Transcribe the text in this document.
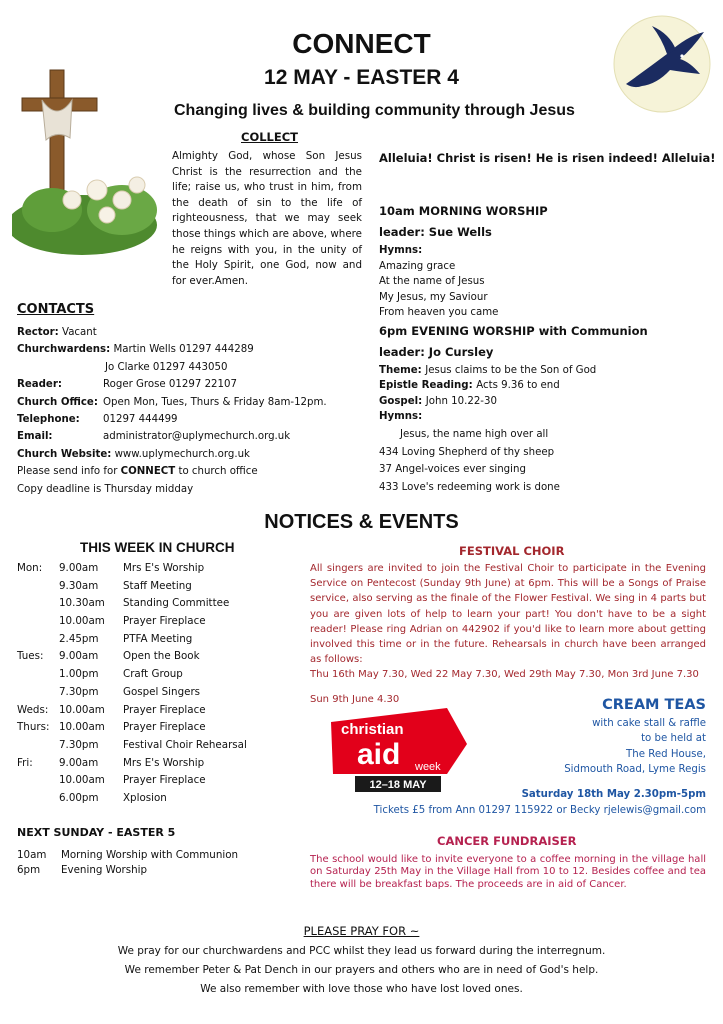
CONNECT
12 MAY - EASTER 4
Changing lives & building community through Jesus
COLLECT
Almighty God, whose Son Jesus Christ is the resurrection and the life; raise us, who trust in him, from the death of sin to the life of righteousness, that we may seek those things which are above, where he reigns with you, in the unity of the Holy Spirit, one God, now and for ever.Amen.
CONTACTS
Rector: Vacant
Churchwardens: Martin Wells 01297 444289
Jo Clarke 01297 443050
Reader:	Roger Grose 01297 22107
Church Office: Open Mon, Tues, Thurs & Friday 8am-12pm.
Telephone: 01297 444499
Email:	administrator@uplymechurch.org.uk
Church Website: www.uplymechurch.org.uk
Please send info for CONNECT to church office
Copy deadline is Thursday midday
Alleluia! Christ is risen! He is risen indeed! Alleluia!
10am MORNING WORSHIP
leader: Sue Wells
Hymns:
Amazing grace
At the name of Jesus
My Jesus, my Saviour
From heaven you came
6pm EVENING WORSHIP with Communion
leader: Jo Cursley
Theme: Jesus claims to be the Son of God
Epistle Reading: Acts 9.36 to end
Gospel: John 10.22-30
Hymns:
Jesus, the name high over all
434 Loving Shepherd of thy sheep
37 Angel-voices ever singing
433 Love's redeeming work is done
NOTICES & EVENTS
THIS WEEK IN CHURCH
Mon: 9.00am Mrs E's Worship
9.30am Staff Meeting
10.30am Standing Committee
10.00am Prayer Fireplace
2.45pm PTFA Meeting
Tues: 9.00am Open the Book
1.00pm Craft Group
7.30pm Gospel Singers
Weds: 10.00am Prayer Fireplace
Thurs: 10.00am Prayer Fireplace
7.30pm Festival Choir Rehearsal
Fri:	9.00am Mrs E's Worship
10.00am Prayer Fireplace
6.00pm Xplosion
NEXT SUNDAY - EASTER 5
10am Morning Worship with Communion
6pm Evening Worship
FESTIVAL CHOIR
All singers are invited to join the Festival Choir to participate in the Evening Service on Pentecost (Sunday 9th June) at 6pm. This will be a Songs of Praise service, also serving as the finale of the Flower Festival. We sing in 4 parts but you are given lots of help to learn your part! You don't have to be a sight reader! Please ring Adrian on 442902 if you'd like to learn more about getting involved this time or in the future. Rehearsals in church have been arranged as follows:
Thu 16th May 7.30, Wed 22 May 7.30, Wed 29th May 7.30, Mon 3rd June 7.30
Sun 9th June 4.30
christian
aid week
12–18 MAY
CREAM TEAS
with cake stall & raffle
to be held at
The Red House,
Sidmouth Road, Lyme Regis
Saturday 18th May 2.30pm-5pm
Tickets £5 from Ann 01297 115922 or Becky rjelewis@gmail.com
CANCER FUNDRAISER
The school would like to invite everyone to a coffee morning in the village hall on Saturday 25th May in the Village Hall from 10 to 12. Besides coffee and tea there will be breakfast baps. The proceeds are in aid of Cancer.
PLEASE PRAY FOR ~
We pray for our churchwardens and PCC whilst they lead us forward during the interregnum.
We remember Peter & Pat Dench in our prayers and others who are in need of God's help.
We also remember with love those who have lost loved ones.
